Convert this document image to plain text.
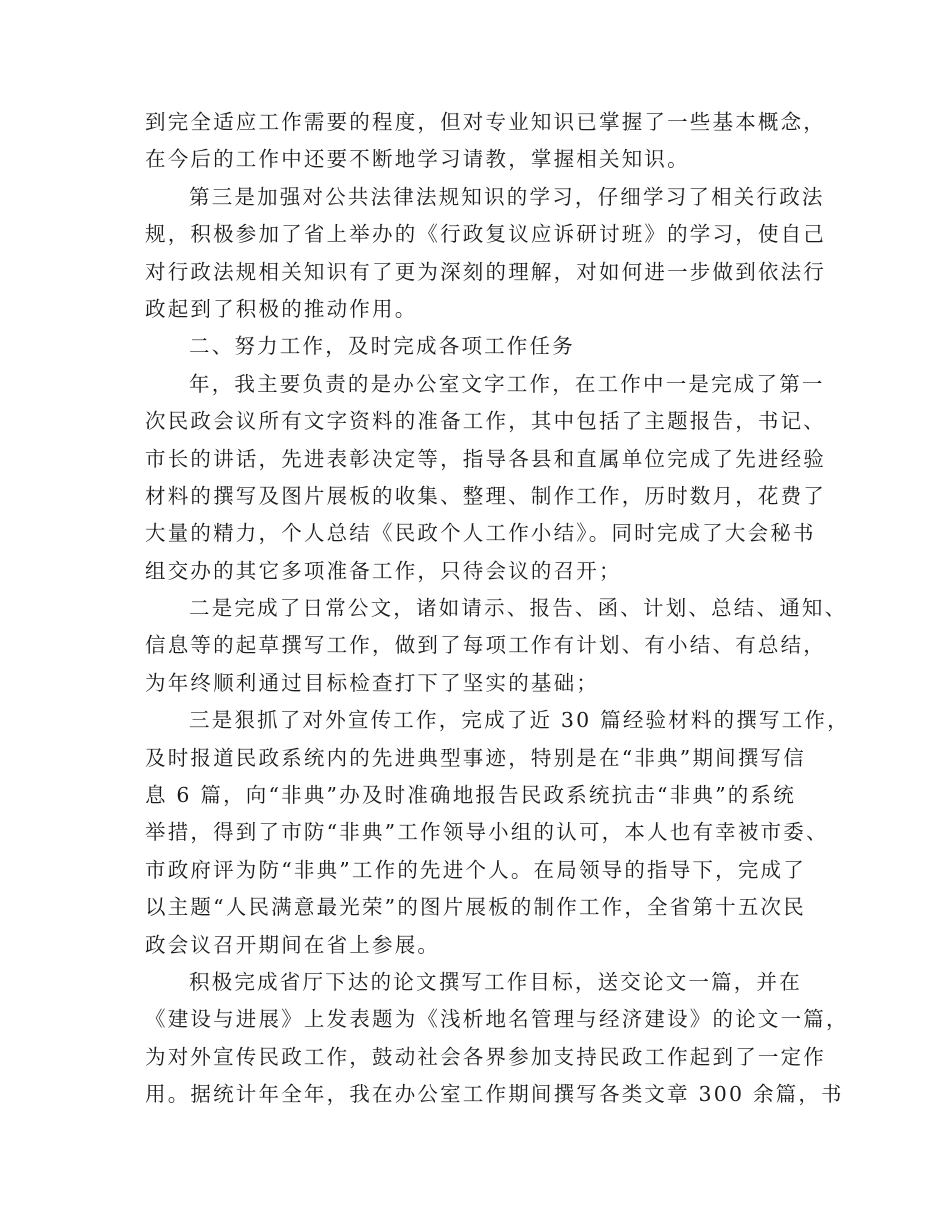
到完全适应工作需要的程度，但对专业知识已掌握了一些基本概念，
在今后的工作中还要不断地学习请教，掌握相关知识。
第三是加强对公共法律法规知识的学习，仔细学习了相关行政法
规，积极参加了省上举办的《行政复议应诉研讨班》的学习，使自己
对行政法规相关知识有了更为深刻的理解，对如何进一步做到依法行
政起到了积极的推动作用。
二、努力工作，及时完成各项工作任务
年，我主要负责的是办公室文字工作，在工作中一是完成了第一
次民政会议所有文字资料的准备工作，其中包括了主题报告，书记、
市长的讲话，先进表彰决定等，指导各县和直属单位完成了先进经验
材料的撰写及图片展板的收集、整理、制作工作，历时数月，花费了
大量的精力，个人总结《民政个人工作小结》。同时完成了大会秘书
组交办的其它多项准备工作，只待会议的召开；
二是完成了日常公文，诸如请示、报告、函、计划、总结、通知、
信息等的起草撰写工作，做到了每项工作有计划、有小结、有总结，
为年终顺利通过目标检查打下了坚实的基础；
三是狠抓了对外宣传工作，完成了近 30 篇经验材料的撰写工作，
及时报道民政系统内的先进典型事迹，特别是在“非典”期间撰写信
息 6 篇，向“非典”办及时准确地报告民政系统抗击“非典”的系统
举措，得到了市防“非典”工作领导小组的认可，本人也有幸被市委、
市政府评为防“非典”工作的先进个人。在局领导的指导下，完成了
以主题“人民满意最光荣”的图片展板的制作工作，全省第十五次民
政会议召开期间在省上参展。
积极完成省厅下达的论文撰写工作目标，送交论文一篇，并在
《建设与进展》上发表题为《浅析地名管理与经济建设》的论文一篇，
为对外宣传民政工作，鼓动社会各界参加支持民政工作起到了一定作
用。据统计年全年，我在办公室工作期间撰写各类文章 300 余篇，书
